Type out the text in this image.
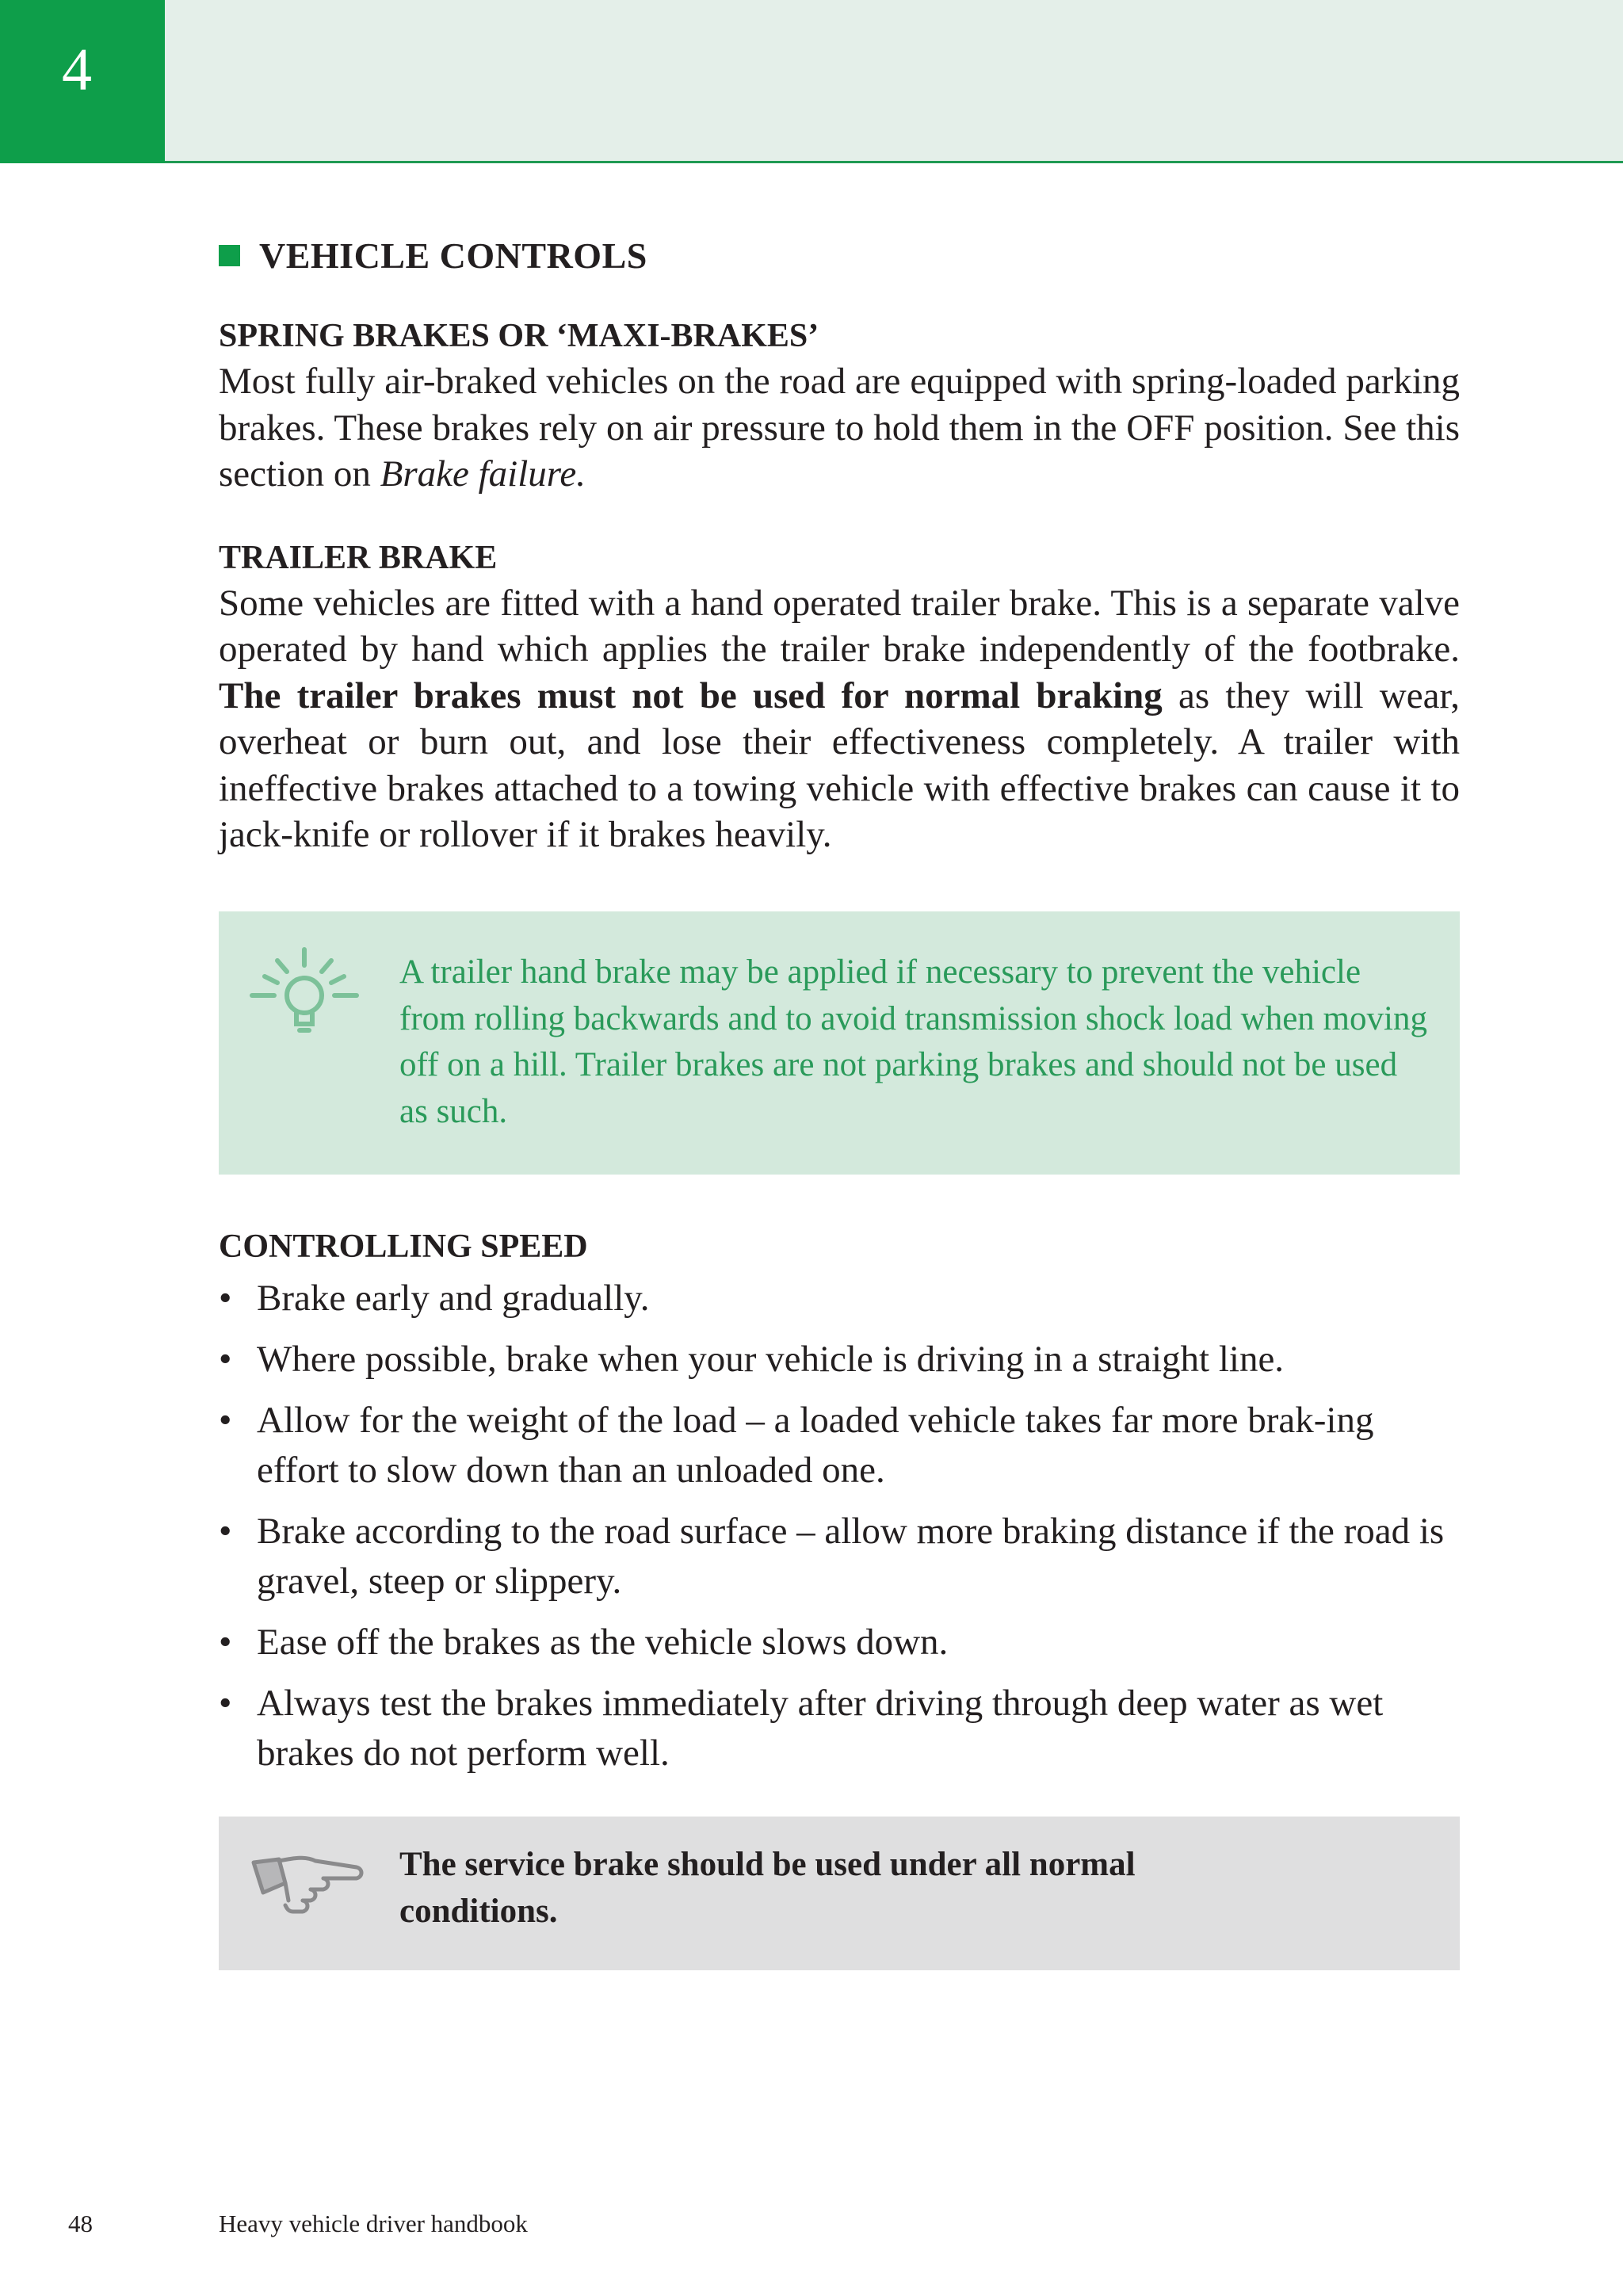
4
VEHICLE CONTROLS
SPRING BRAKES OR ‘MAXI-BRAKES’

Most fully air-braked vehicles on the road are equipped with spring-loaded parking brakes. These brakes rely on air pressure to hold them in the OFF position. See this section on Brake failure.

TRAILER BRAKE

Some vehicles are fitted with a hand operated trailer brake. This is a separate valve operated by hand which applies the trailer brake independently of the footbrake. The trailer brakes must not be used for normal braking as they will wear, overheat or burn out, and lose their effectiveness completely. A trailer with ineffective brakes attached to a towing vehicle with effective brakes can cause it to jack-knife or rollover if it brakes heavily.

A trailer hand brake may be applied if necessary to prevent the vehicle from rolling backwards and to avoid transmission shock load when moving off on a hill. Trailer brakes are not parking brakes and should not be used as such.

CONTROLLING SPEED
• Brake early and gradually.
• Where possible, brake when your vehicle is driving in a straight line.
• Allow for the weight of the load – a loaded vehicle takes far more brak-ing effort to slow down than an unloaded one.
• Brake according to the road surface – allow more braking distance if the road is gravel, steep or slippery.
• Ease off the brakes as the vehicle slows down.
• Always test the brakes immediately after driving through deep water as wet brakes do not perform well.

The service brake should be used under all normal conditions.

48	Heavy vehicle driver handbook
